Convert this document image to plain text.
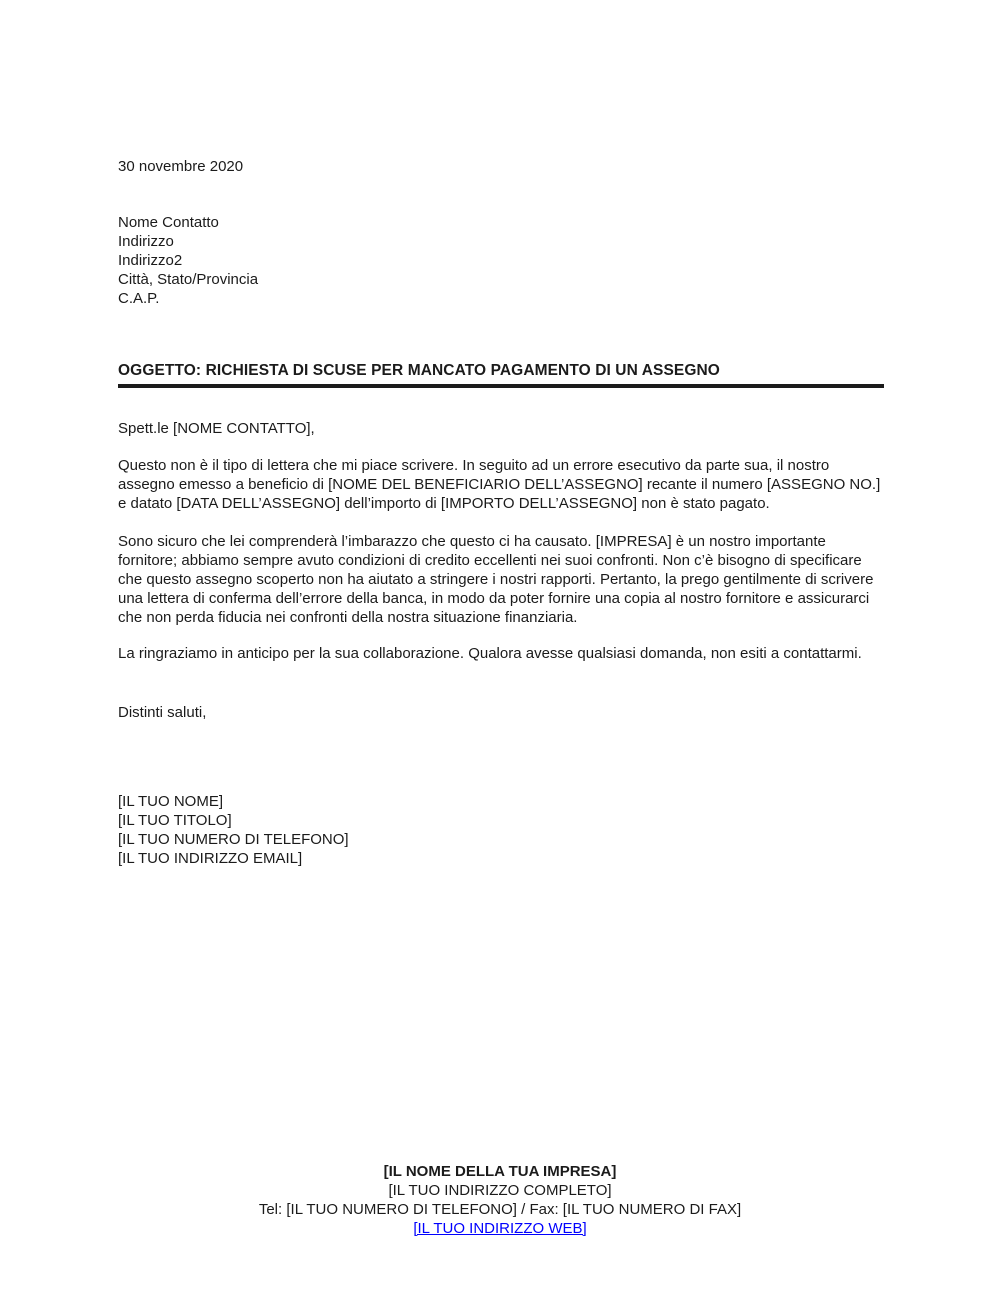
30 novembre 2020

Nome Contatto

Indirizzo

Indirizzo2

Città, Stato/Provincia

C.A.P.

OGGETTO: RICHIESTA DI SCUSE PER MANCATO PAGAMENTO DI UN ASSEGNO

Spett.le [NOME CONTATTO],

Questo non è il tipo di lettera che mi piace scrivere. In seguito ad un errore esecutivo da parte sua, il nostro assegno emesso a beneficio di [NOME DEL BENEFICIARIO DELL’ASSEGNO] recante il numero [ASSEGNO NO.] e datato [DATA DELL’ASSEGNO] dell’importo di [IMPORTO DELL’ASSEGNO] non è stato pagato.

Sono sicuro che lei comprenderà l’imbarazzo che questo ci ha causato. [IMPRESA] è un nostro importante fornitore; abbiamo sempre avuto condizioni di credito eccellenti nei suoi confronti. Non c’è bisogno di specificare che questo assegno scoperto non ha aiutato a stringere i nostri rapporti. Pertanto, la prego gentilmente di scrivere una lettera di conferma dell’errore della banca, in modo da poter fornire una copia al nostro fornitore e assicurarci che non perda fiducia nei confronti della nostra situazione finanziaria.

La ringraziamo in anticipo per la sua collaborazione. Qualora avesse qualsiasi domanda, non esiti a contattarmi.

Distinti saluti,

[IL TUO NOME]

[IL TUO TITOLO]

[IL TUO NUMERO DI TELEFONO]

[IL TUO INDIRIZZO EMAIL]

[IL NOME DELLA TUA IMPRESA]

[IL TUO INDIRIZZO COMPLETO]

Tel: [IL TUO NUMERO DI TELEFONO] / Fax: [IL TUO NUMERO DI FAX]

[IL TUO INDIRIZZO WEB]
